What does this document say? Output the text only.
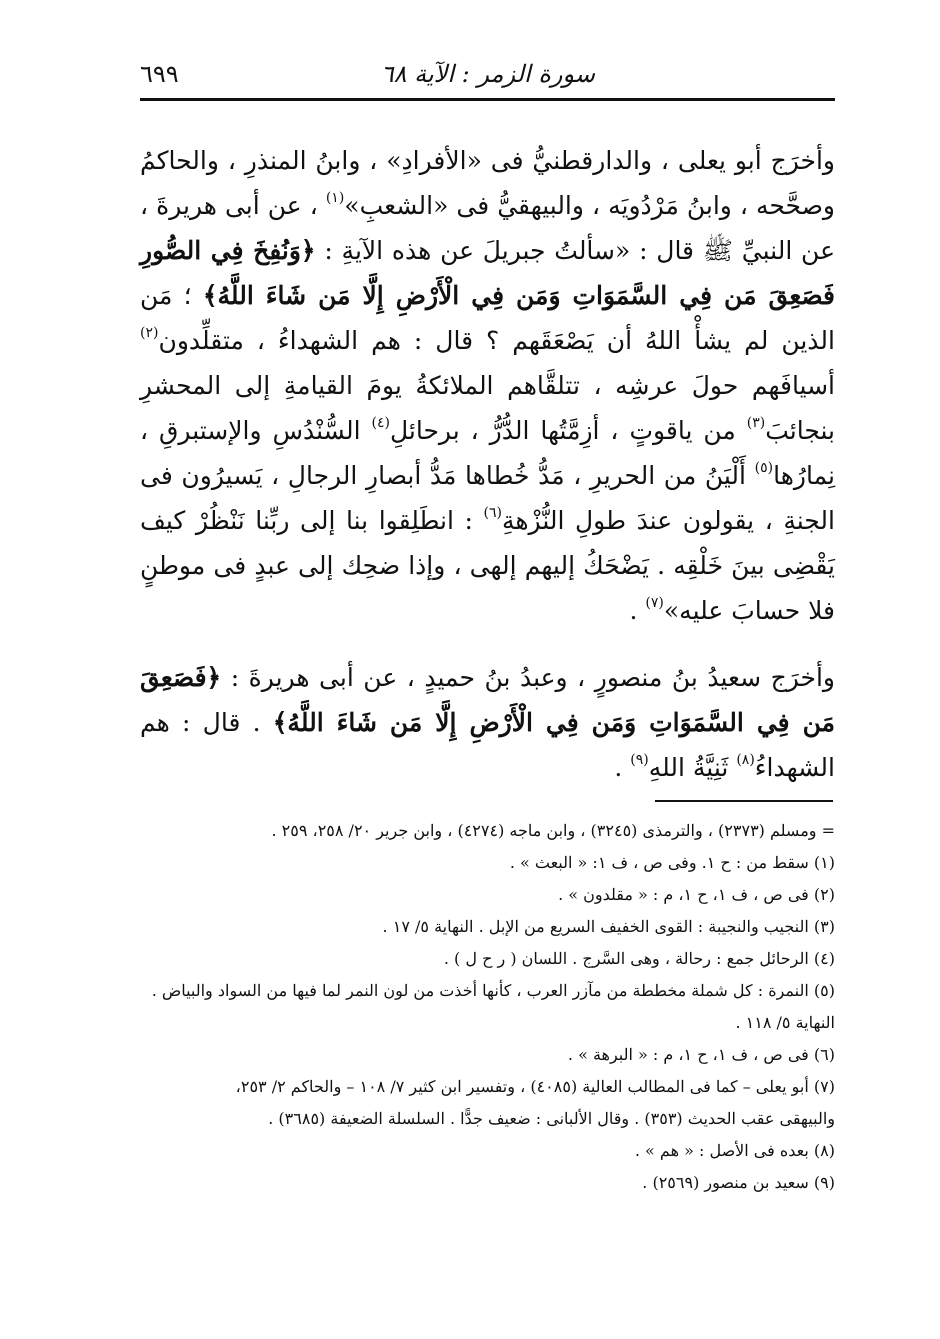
سورة الزمر : الآية ٦٨
٦٩٩

وأخرَج أبو يعلى ، والدارقطنيُّ فى «الأفرادِ» ، وابنُ المنذرِ ، والحاكمُ وصحَّحه ، وابنُ مَرْدُويَه ، والبيهقيُّ فى «الشعبِ»$^{(١)}$ ، عن أبى هريرةَ ، عن النبيِّ ﷺ قال : «سألتُ جبريلَ عن هذه الآيةِ : ﴿وَنُفِخَ فِي الصُّورِ فَصَعِقَ مَن فِي السَّمَوَاتِ وَمَن فِي الْأَرْضِ إِلَّا مَن شَاءَ اللَّهُ﴾ ؛ مَن الذين لم يشأْ اللهُ أن يَصْعَقَهم ؟ قال : هم الشهداءُ ، متقلِّدون$^{(٢)}$ أسيافَهم حولَ عرشِه ، تتلقَّاهم الملائكةُ يومَ القيامةِ إلى المحشرِ بنجائبَ$^{(٣)}$ من ياقوتٍ ، أزِمَّتُها الدُّرُّ ، برحائلِ$^{(٤)}$ السُّنْدُسِ والإستبرقِ ، نِمارُها$^{(٥)}$ أَلْيَنُ من الحريرِ ، مَدُّ خُطاها مَدُّ أبصارِ الرجالِ ، يَسيرُون فى الجنةِ ، يقولون عندَ طولِ النُّزْهةِ$^{(٦)}$ : انطَلِقوا بنا إلى ربِّنا نَنْظُرْ كيف يَقْضِى بينَ خَلْقِه . يَضْحَكُ إليهم إلهى ، وإذا ضحِك إلى عبدٍ فى موطنٍ فلا حسابَ عليه»$^{(٧)}$ .

وأخرَج سعيدُ بنُ منصورٍ ، وعبدُ بنُ حميدٍ ، عن أبى هريرةَ : ﴿فَصَعِقَ مَن فِي السَّمَوَاتِ وَمَن فِي الْأَرْضِ إِلَّا مَن شَاءَ اللَّهُ﴾ . قال : هم الشهداءُ$^{(٨)}$ ثَنِيَّةُ اللهِ$^{(٩)}$ .

= ومسلم (٢٣٧٣) ، والترمذى (٣٢٤٥) ، وابن ماجه (٤٢٧٤) ، وابن جرير ٢٠/ ٢٥٨، ٢٥٩ .

(١) سقط من : ح ١. وفى ص ، ف ١: « البعث » .

(٢) فى ص ، ف ١، ح ١، م : « مقلدون » .

(٣) النجيب والنجيبة : القوى الخفيف السريع من الإبل . النهاية ٥/ ١٧ .

(٤) الرحائل جمع : رحالة ، وهى السَّرج . اللسان ( ر ح ل ) .

(٥) النمرة : كل شملة مخططة من مآزر العرب ، كأنها أخذت من لون النمر لما فيها من السواد والبياض .

النهاية ٥/ ١١٨ .

(٦) فى ص ، ف ١، ح ١، م : « البرهة » .

(٧) أبو يعلى – كما فى المطالب العالية (٤٠٨٥) ، وتفسير ابن كثير ٧/ ١٠٨ – والحاكم ٢/ ٢٥٣،

والبيهقى عقب الحديث (٣٥٣) . وقال الألبانى : ضعيف جدًّا . السلسلة الضعيفة (٣٦٨٥) .

(٨) بعده فى الأصل : « هم » .

(٩) سعيد بن منصور (٢٥٦٩) .
